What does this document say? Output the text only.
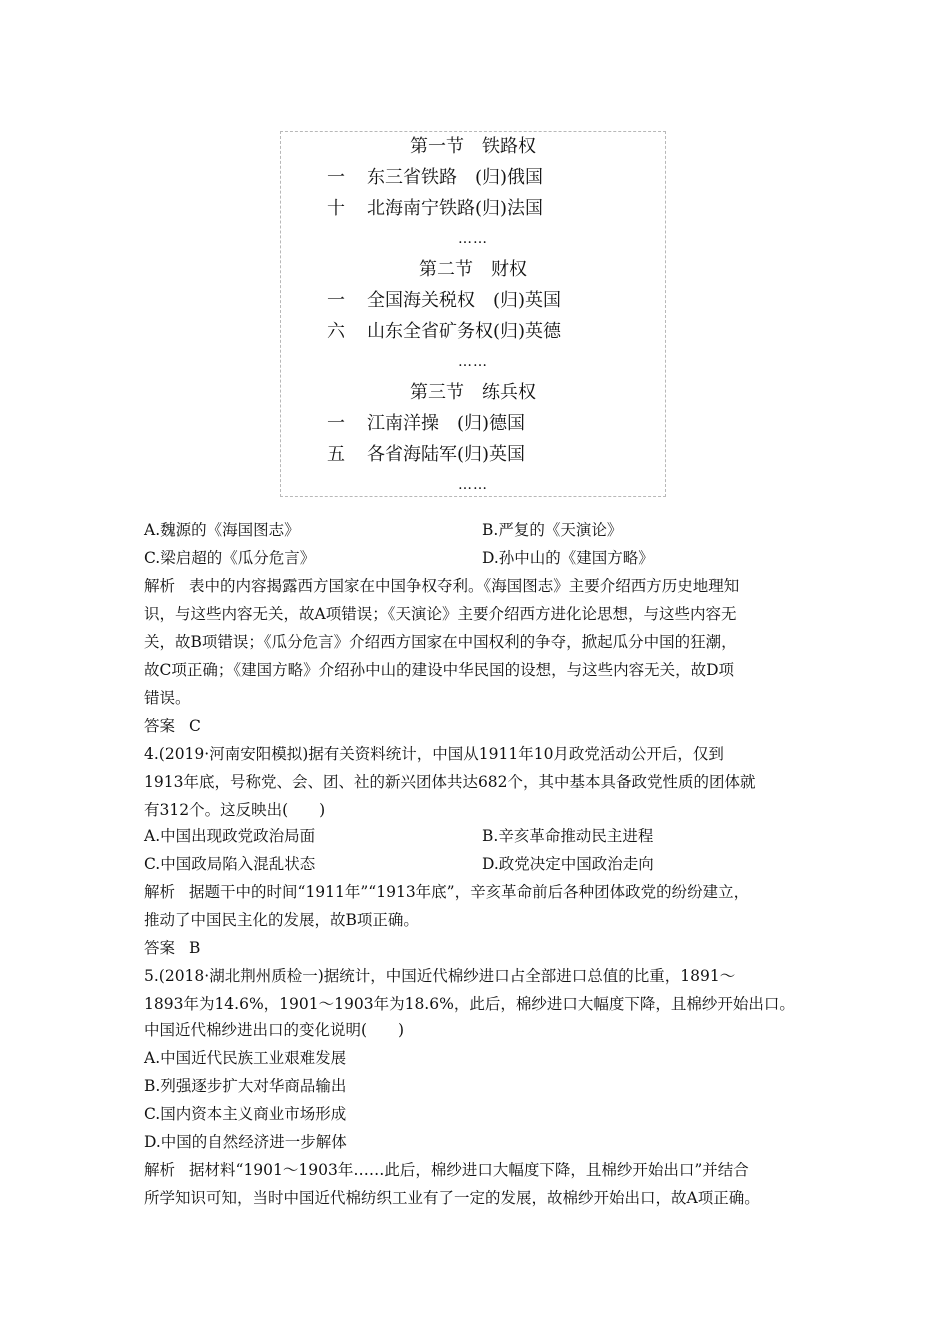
第一节　铁路权
一 东三省铁路　(归)俄国
十 北海南宁铁路(归)法国
……
第二节　财权
一 全国海关税权　(归)英国
六 山东全省矿务权(归)英德
……
第三节　练兵权
一 江南洋操　(归)德国
五 各省海陆军(归)英国
……
A.魏源的《海国图志》	B.严复的《天演论》
C.梁启超的《瓜分危言》	D.孙中山的《建国方略》
解析 表中的内容揭露西方国家在中国争权夺利。《海国图志》主要介绍西方历史地理知
识，与这些内容无关，故A项错误；《天演论》主要介绍西方进化论思想，与这些内容无
关，故B项错误；《瓜分危言》介绍西方国家在中国权利的争夺，掀起瓜分中国的狂潮，
故C项正确；《建国方略》介绍孙中山的建设中华民国的设想，与这些内容无关，故D项
错误。
答案 C
4.(2019·河南安阳模拟)据有关资料统计，中国从1911年10月政党活动公开后，仅到
1913年底，号称党、会、团、社的新兴团体共达682个，其中基本具备政党性质的团体就
有312个。这反映出(　　)
A.中国出现政党政治局面	B.辛亥革命推动民主进程
C.中国政局陷入混乱状态	D.政党决定中国政治走向
解析 据题干中的时间“1911年”“1913年底”，辛亥革命前后各种团体政党的纷纷建立，
推动了中国民主化的发展，故B项正确。
答案 B
5.(2018·湖北荆州质检一)据统计，中国近代棉纱进口占全部进口总值的比重，1891～
1893年为14.6%，1901～1903年为18.6%，此后，棉纱进口大幅度下降，且棉纱开始出口。
中国近代棉纱进出口的变化说明(　　)
A.中国近代民族工业艰难发展
B.列强逐步扩大对华商品输出
C.国内资本主义商业市场形成
D.中国的自然经济进一步解体
解析 据材料“1901～1903年……此后，棉纱进口大幅度下降，且棉纱开始出口”并结合
所学知识可知，当时中国近代棉纺织工业有了一定的发展，故棉纱开始出口，故A项正确。
